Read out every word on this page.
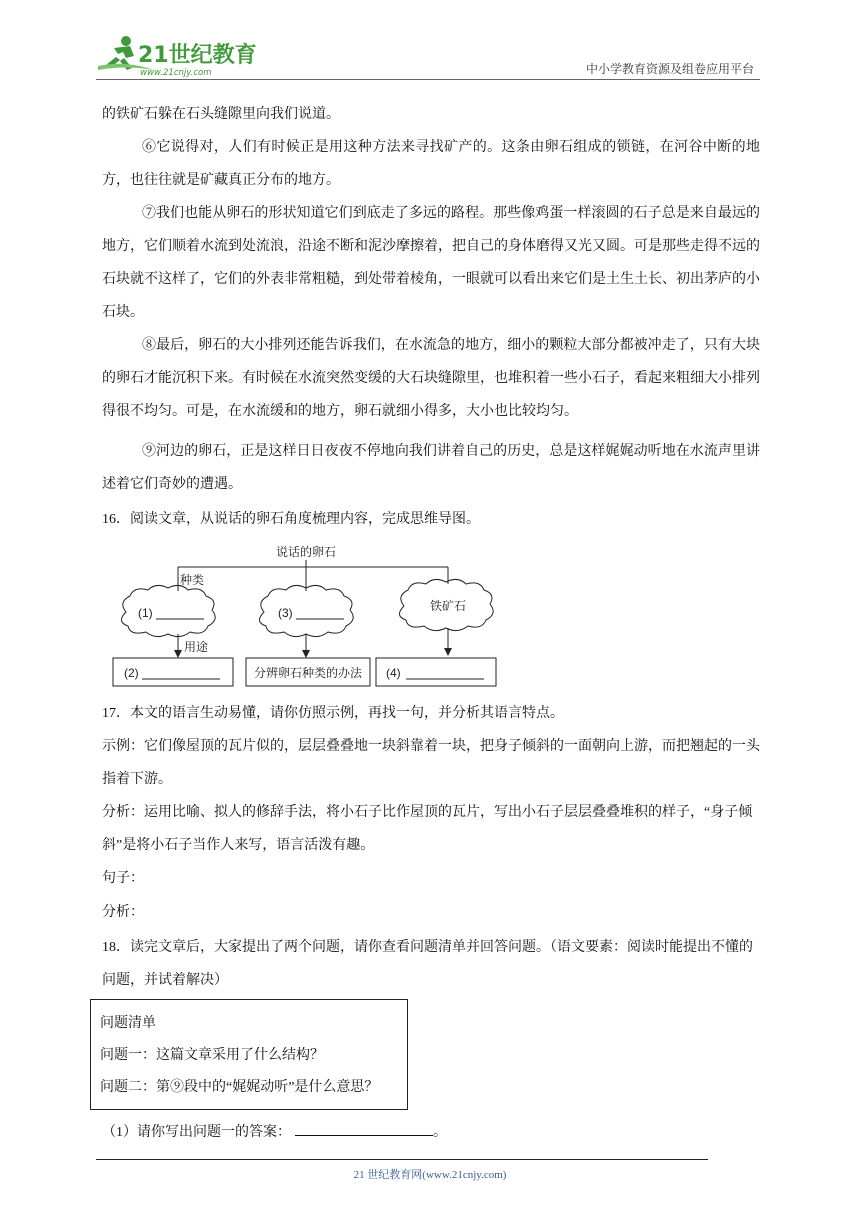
21世纪教育
www.21cnjy.com	中小学教育资源及组卷应用平台
的铁矿石躲在石头缝隙里向我们说道。
⑥它说得对，人们有时候正是用这种方法来寻找矿产的。这条由卵石组成的锁链，在河谷中断的地方，也往往就是矿藏真正分布的地方。
⑦我们也能从卵石的形状知道它们到底走了多远的路程。那些像鸡蛋一样滚圆的石子总是来自最远的地方，它们顺着水流到处流浪，沿途不断和泥沙摩擦着，把自己的身体磨得又光又圆。可是那些走得不远的石块就不这样了，它们的外表非常粗糙，到处带着棱角，一眼就可以看出来它们是土生土长、初出茅庐的小石块。
⑧最后，卵石的大小排列还能告诉我们，在水流急的地方，细小的颗粒大部分都被冲走了，只有大块的卵石才能沉积下来。有时候在水流突然变缓的大石块缝隙里，也堆积着一些小石子，看起来粗细大小排列得很不均匀。可是，在水流缓和的地方，卵石就细小得多，大小也比较均匀。
⑨河边的卵石，正是这样日日夜夜不停地向我们讲着自己的历史，总是这样娓娓动听地在水流声里讲述着它们奇妙的遭遇。
16．阅读文章，从说话的卵石角度梳理内容，完成思维导图。
说话的卵石
种类
(1)	(3)	铁矿石
用途
(2)	分辨卵石种类的办法 (4)
17．本文的语言生动易懂，请你仿照示例，再找一句，并分析其语言特点。
示例：它们像屋顶的瓦片似的，层层叠叠地一块斜靠着一块，把身子倾斜的一面朝向上游，而把翘起的一头指着下游。
分析：运用比喻、拟人的修辞手法，将小石子比作屋顶的瓦片，写出小石子层层叠叠堆积的样子，“身子倾斜”是将小石子当作人来写，语言活泼有趣。
句子：
分析：
18．读完文章后，大家提出了两个问题，请你查看问题清单并回答问题。（语文要素：阅读时能提出不懂的问题，并试着解决）
问题清单
问题一：这篇文章采用了什么结构？
问题二：第⑨段中的“娓娓动听”是什么意思？
（1）请你写出问题一的答案：	。
21 世纪教育网(www.21cnjy.com)
